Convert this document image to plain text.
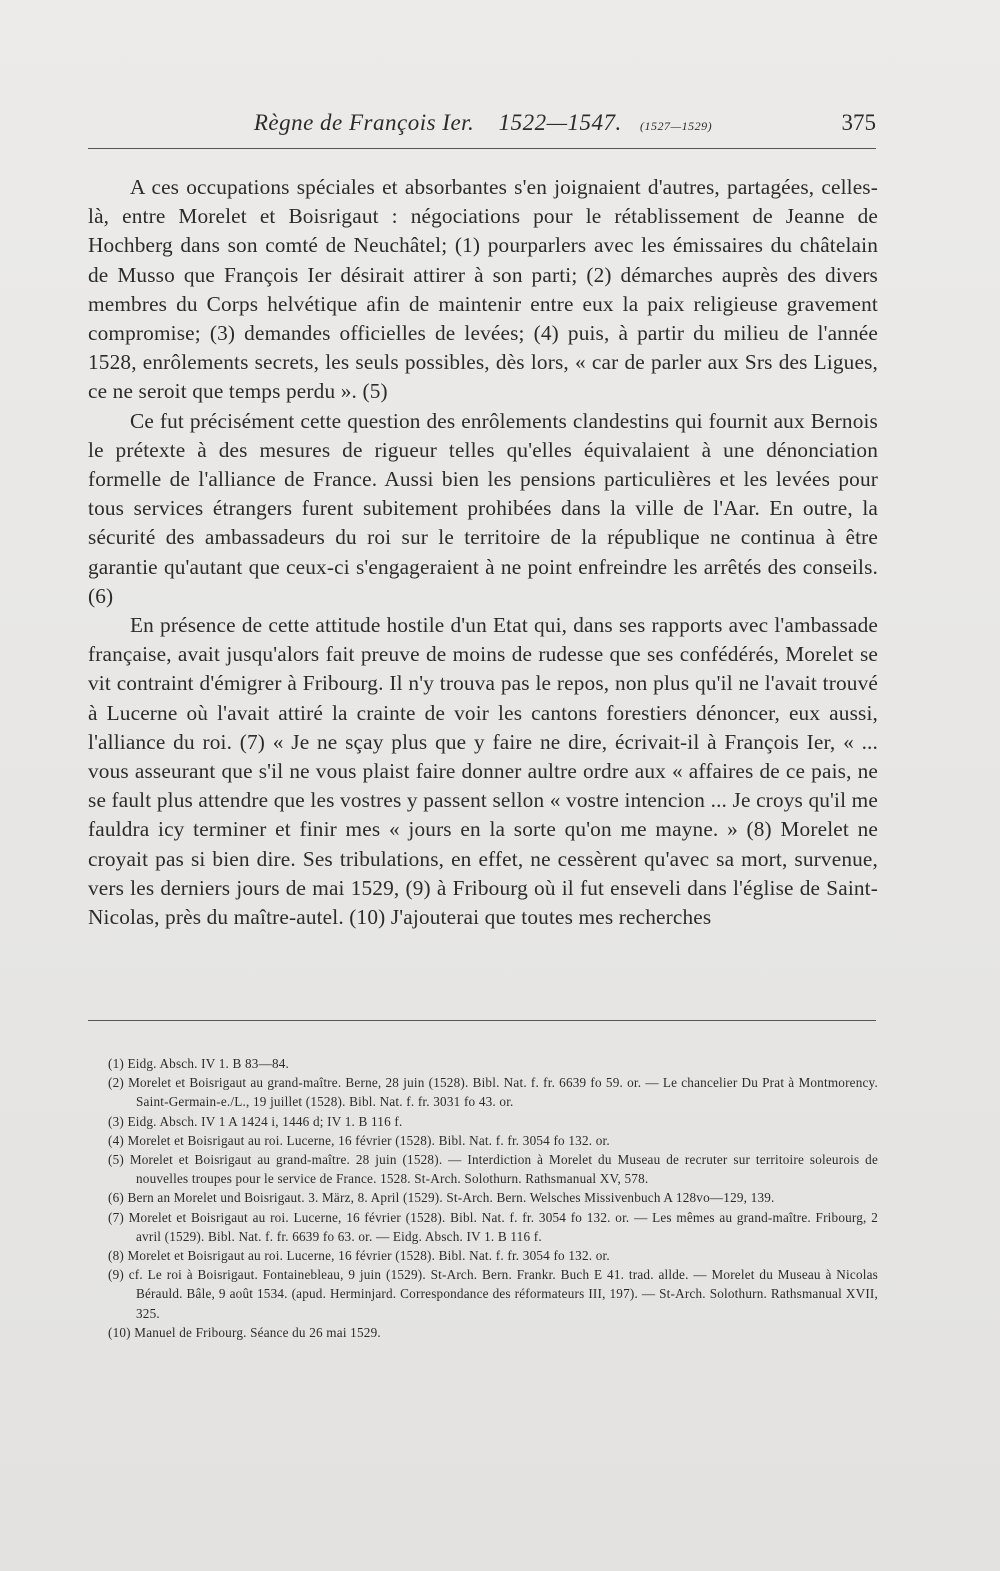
Règne de François Ier. 1522—1547. (1527—1529)	375

A ces occupations spéciales et absorbantes s'en joignaient d'autres, partagées, celles-là, entre Morelet et Boisrigaut : négociations pour le rétablissement de Jeanne de Hochberg dans son comté de Neuchâtel; (1) pourparlers avec les émissaires du châtelain de Musso que François Ier désirait attirer à son parti; (2) démarches auprès des divers membres du Corps helvétique afin de maintenir entre eux la paix religieuse gravement compromise; (3) demandes officielles de levées; (4) puis, à partir du milieu de l'année 1528, enrôlements secrets, les seuls possibles, dès lors, « car de parler aux Srs des Ligues, ce ne seroit que temps perdu ». (5)

Ce fut précisément cette question des enrôlements clandestins qui fournit aux Bernois le prétexte à des mesures de rigueur telles qu'elles équivalaient à une dénonciation formelle de l'alliance de France. Aussi bien les pensions particulières et les levées pour tous services étrangers furent subitement prohibées dans la ville de l'Aar. En outre, la sécurité des ambassadeurs du roi sur le territoire de la république ne continua à être garantie qu'autant que ceux-ci s'engageraient à ne point enfreindre les arrêtés des conseils. (6)

En présence de cette attitude hostile d'un Etat qui, dans ses rapports avec l'ambassade française, avait jusqu'alors fait preuve de moins de rudesse que ses confédérés, Morelet se vit contraint d'émigrer à Fribourg. Il n'y trouva pas le repos, non plus qu'il ne l'avait trouvé à Lucerne où l'avait attiré la crainte de voir les cantons forestiers dénoncer, eux aussi, l'alliance du roi. (7) « Je ne sçay plus que y faire ne dire, écrivait-il à François Ier, « ... vous asseurant que s'il ne vous plaist faire donner aultre ordre aux « affaires de ce pais, ne se fault plus attendre que les vostres y passent sellon « vostre intencion ... Je croys qu'il me fauldra icy terminer et finir mes « jours en la sorte qu'on me mayne. » (8) Morelet ne croyait pas si bien dire. Ses tribulations, en effet, ne cessèrent qu'avec sa mort, survenue, vers les derniers jours de mai 1529, (9) à Fribourg où il fut enseveli dans l'église de Saint-Nicolas, près du maître-autel. (10) J'ajouterai que toutes mes recherches

(1) Eidg. Absch. IV 1. B 83—84.

(2) Morelet et Boisrigaut au grand-maître. Berne, 28 juin (1528). Bibl. Nat. f. fr. 6639 fo 59. or. — Le chancelier Du Prat à Montmorency. Saint-Germain-e./L., 19 juillet (1528). Bibl. Nat. f. fr. 3031 fo 43. or.

(3) Eidg. Absch. IV 1 A 1424 i, 1446 d; IV 1. B 116 f.

(4) Morelet et Boisrigaut au roi. Lucerne, 16 février (1528). Bibl. Nat. f. fr. 3054 fo 132. or.

(5) Morelet et Boisrigaut au grand-maître. 28 juin (1528). — Interdiction à Morelet du Museau de recruter sur territoire soleurois de nouvelles troupes pour le service de France. 1528. St-Arch. Solothurn. Rathsmanual XV, 578.

(6) Bern an Morelet und Boisrigaut. 3. März, 8. April (1529). St-Arch. Bern. Welsches Missivenbuch A 128vo—129, 139.

(7) Morelet et Boisrigaut au roi. Lucerne, 16 février (1528). Bibl. Nat. f. fr. 3054 fo 132. or. — Les mêmes au grand-maître. Fribourg, 2 avril (1529). Bibl. Nat. f. fr. 6639 fo 63. or. — Eidg. Absch. IV 1. B 116 f.

(8) Morelet et Boisrigaut au roi. Lucerne, 16 février (1528). Bibl. Nat. f. fr. 3054 fo 132. or.

(9) cf. Le roi à Boisrigaut. Fontainebleau, 9 juin (1529). St-Arch. Bern. Frankr. Buch E 41. trad. allde. — Morelet du Museau à Nicolas Bérauld. Bâle, 9 août 1534. (apud. Herminjard. Correspondance des réformateurs III, 197). — St-Arch. Solothurn. Rathsmanual XVII, 325.

(10) Manuel de Fribourg. Séance du 26 mai 1529.
